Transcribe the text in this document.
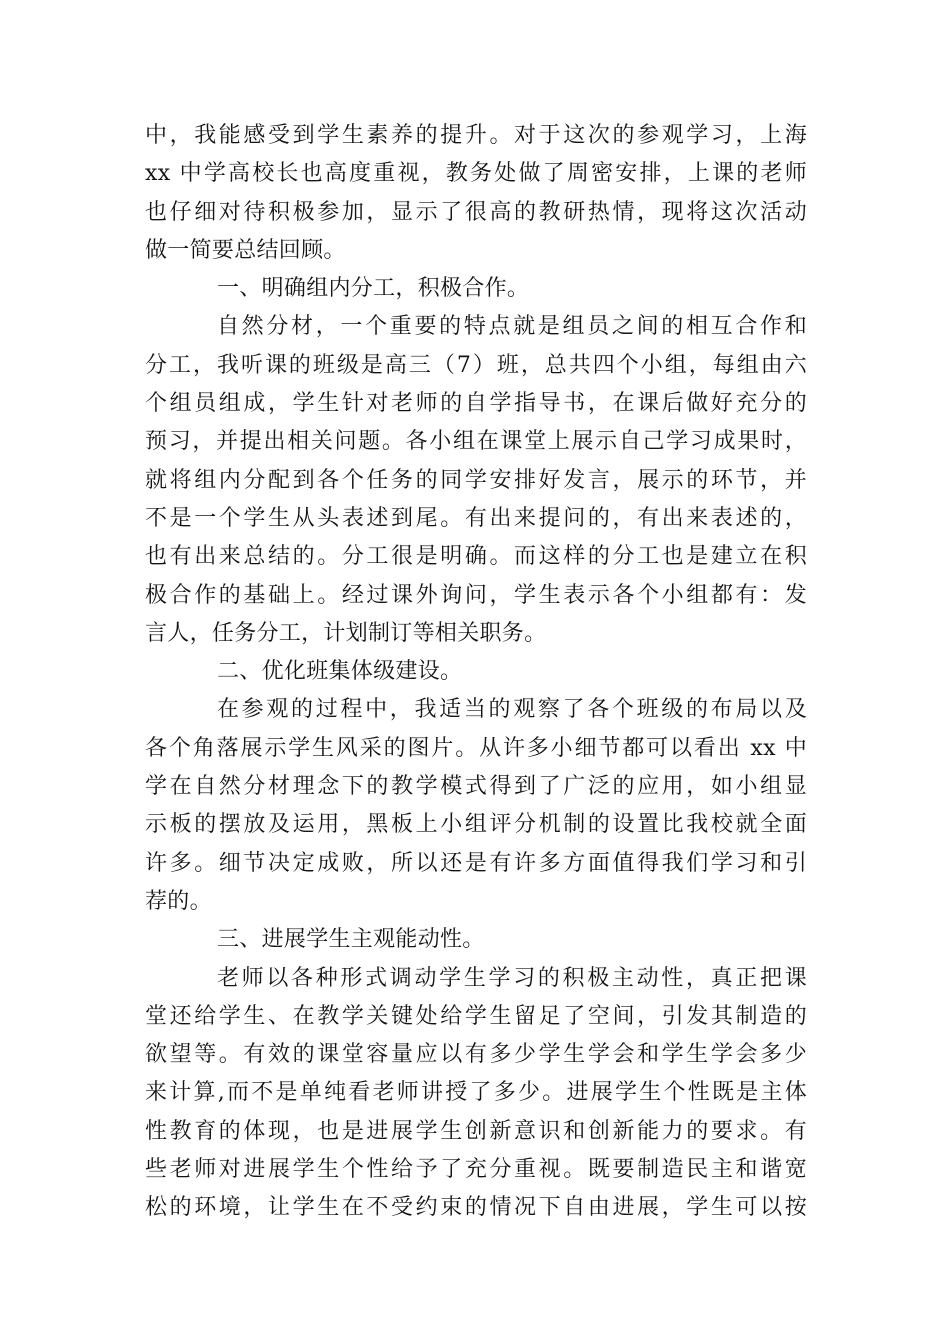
中，我能感受到学生素养的提升。对于这次的参观学习，上海
xx 中学高校长也高度重视，教务处做了周密安排，上课的老师
也仔细对待积极参加，显示了很高的教研热情，现将这次活动
做一简要总结回顾。
一、明确组内分工，积极合作。
自然分材，一个重要的特点就是组员之间的相互合作和
分工，我听课的班级是高三（7）班，总共四个小组，每组由六
个组员组成，学生针对老师的自学指导书，在课后做好充分的
预习，并提出相关问题。各小组在课堂上展示自己学习成果时，
就将组内分配到各个任务的同学安排好发言，展示的环节，并
不是一个学生从头表述到尾。有出来提问的，有出来表述的，
也有出来总结的。分工很是明确。而这样的分工也是建立在积
极合作的基础上。经过课外询问，学生表示各个小组都有：发
言人，任务分工，计划制订等相关职务。
二、优化班集体级建设。
在参观的过程中，我适当的观察了各个班级的布局以及
各个角落展示学生风采的图片。从许多小细节都可以看出 xx 中
学在自然分材理念下的教学模式得到了广泛的应用，如小组显
示板的摆放及运用，黑板上小组评分机制的设置比我校就全面
许多。细节决定成败，所以还是有许多方面值得我们学习和引
荐的。
三、进展学生主观能动性。
老师以各种形式调动学生学习的积极主动性，真正把课
堂还给学生、在教学关键处给学生留足了空间，引发其制造的
欲望等。有效的课堂容量应以有多少学生学会和学生学会多少
来计算,而不是单纯看老师讲授了多少。进展学生个性既是主体
性教育的体现，也是进展学生创新意识和创新能力的要求。有
些老师对进展学生个性给予了充分重视。既要制造民主和谐宽
松的环境，让学生在不受约束的情况下自由进展，学生可以按
